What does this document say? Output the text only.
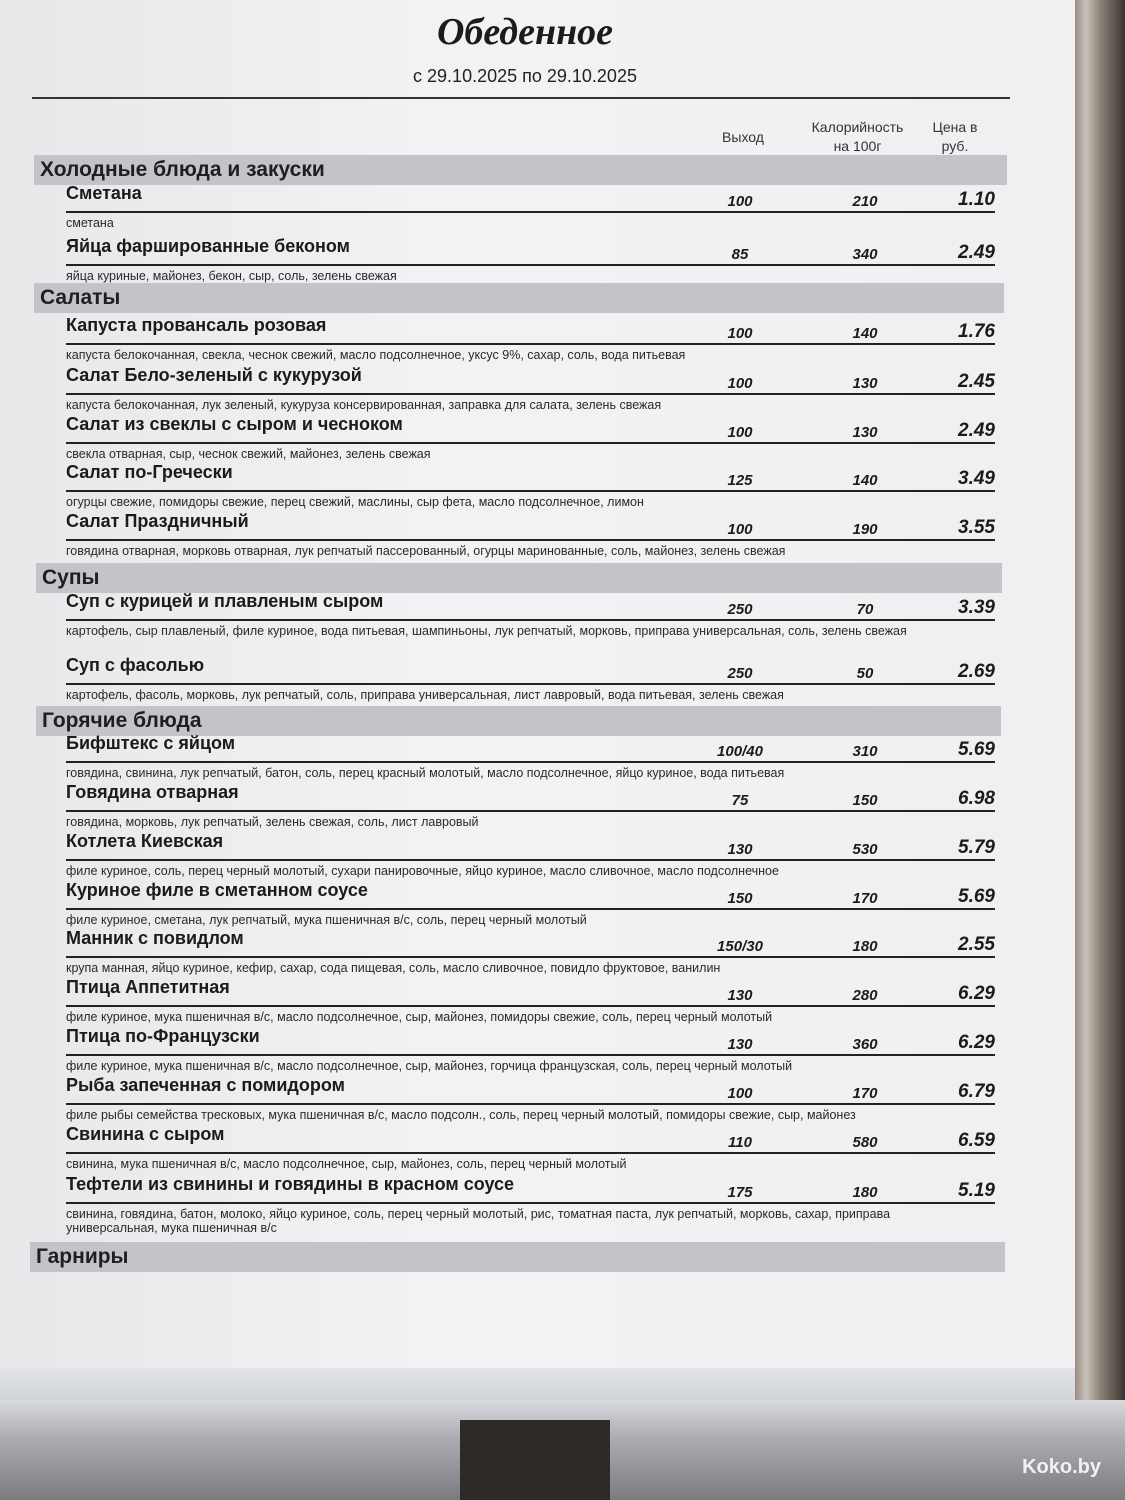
Обеденное
с 29.10.2025 по 29.10.2025
Выход
Калорийность
на 100г
Цена в
руб.
Холодные блюда и закуски
Сметана	100	210	1.10
сметана
Яйца фаршированные беконом	85	340	2.49
яйца куриные, майонез, бекон, сыр, соль, зелень свежая
Салаты
Капуста провансаль розовая	100	140	1.76
капуста белокочанная, свекла, чеснок свежий, масло подсолнечное, уксус 9%, сахар, соль, вода питьевая
Салат Бело-зеленый с кукурузой	100	130	2.45
капуста белокочанная, лук зеленый, кукуруза консервированная, заправка для салата, зелень свежая
Салат из свеклы с сыром и чесноком	100	130	2.49
свекла отварная, сыр, чеснок свежий, майонез, зелень свежая
Салат по-Гречески	125	140	3.49
огурцы свежие, помидоры свежие, перец свежий, маслины, сыр фета, масло подсолнечное, лимон
Салат Праздничный	100	190	3.55
говядина отварная, морковь отварная, лук репчатый пассерованный, огурцы маринованные, соль, майонез, зелень свежая
Супы
Суп с курицей и плавленым сыром	250	70	3.39
картофель, сыр плавленый, филе куриное, вода питьевая, шампиньоны, лук репчатый, морковь, приправа универсальная, соль, зелень свежая
Суп с фасолью	250	50	2.69
картофель, фасоль, морковь, лук репчатый, соль, приправа универсальная, лист лавровый, вода питьевая, зелень свежая
Горячие блюда
Бифштекс с яйцом	100/40	310	5.69
говядина, свинина, лук репчатый, батон, соль, перец красный молотый, масло подсолнечное, яйцо куриное, вода питьевая
Говядина отварная	75	150	6.98
говядина, морковь, лук репчатый, зелень свежая, соль, лист лавровый
Котлета Киевская	130	530	5.79
филе куриное, соль, перец черный молотый, сухари панировочные, яйцо куриное, масло сливочное, масло подсолнечное
Куриное филе в сметанном соусе	150	170	5.69
филе куриное, сметана, лук репчатый, мука пшеничная в/с, соль, перец черный молотый
Манник с повидлом	150/30	180	2.55
крупа манная, яйцо куриное, кефир, сахар, сода пищевая, соль, масло сливочное, повидло фруктовое, ванилин
Птица Аппетитная	130	280	6.29
филе куриное, мука пшеничная в/с, масло подсолнечное, сыр, майонез, помидоры свежие, соль, перец черный молотый
Птица по-Французски	130	360	6.29
филе куриное, мука пшеничная в/с, масло подсолнечное, сыр, майонез, горчица французская, соль, перец черный молотый
Рыба запеченная с помидором	100	170	6.79
филе рыбы семейства тресковых, мука пшеничная в/с, масло подсолн., соль, перец черный молотый, помидоры свежие, сыр, майонез
Свинина с сыром	110	580	6.59
свинина, мука пшеничная в/с, масло подсолнечное, сыр, майонез, соль, перец черный молотый
Тефтели из свинины и говядины в красном соусе	175	180	5.19
свинина, говядина, батон, молоко, яйцо куриное, соль, перец черный молотый, рис, томатная паста, лук репчатый, морковь, сахар, приправа универсальная, мука пшеничная в/с
Гарниры
Koko.by
